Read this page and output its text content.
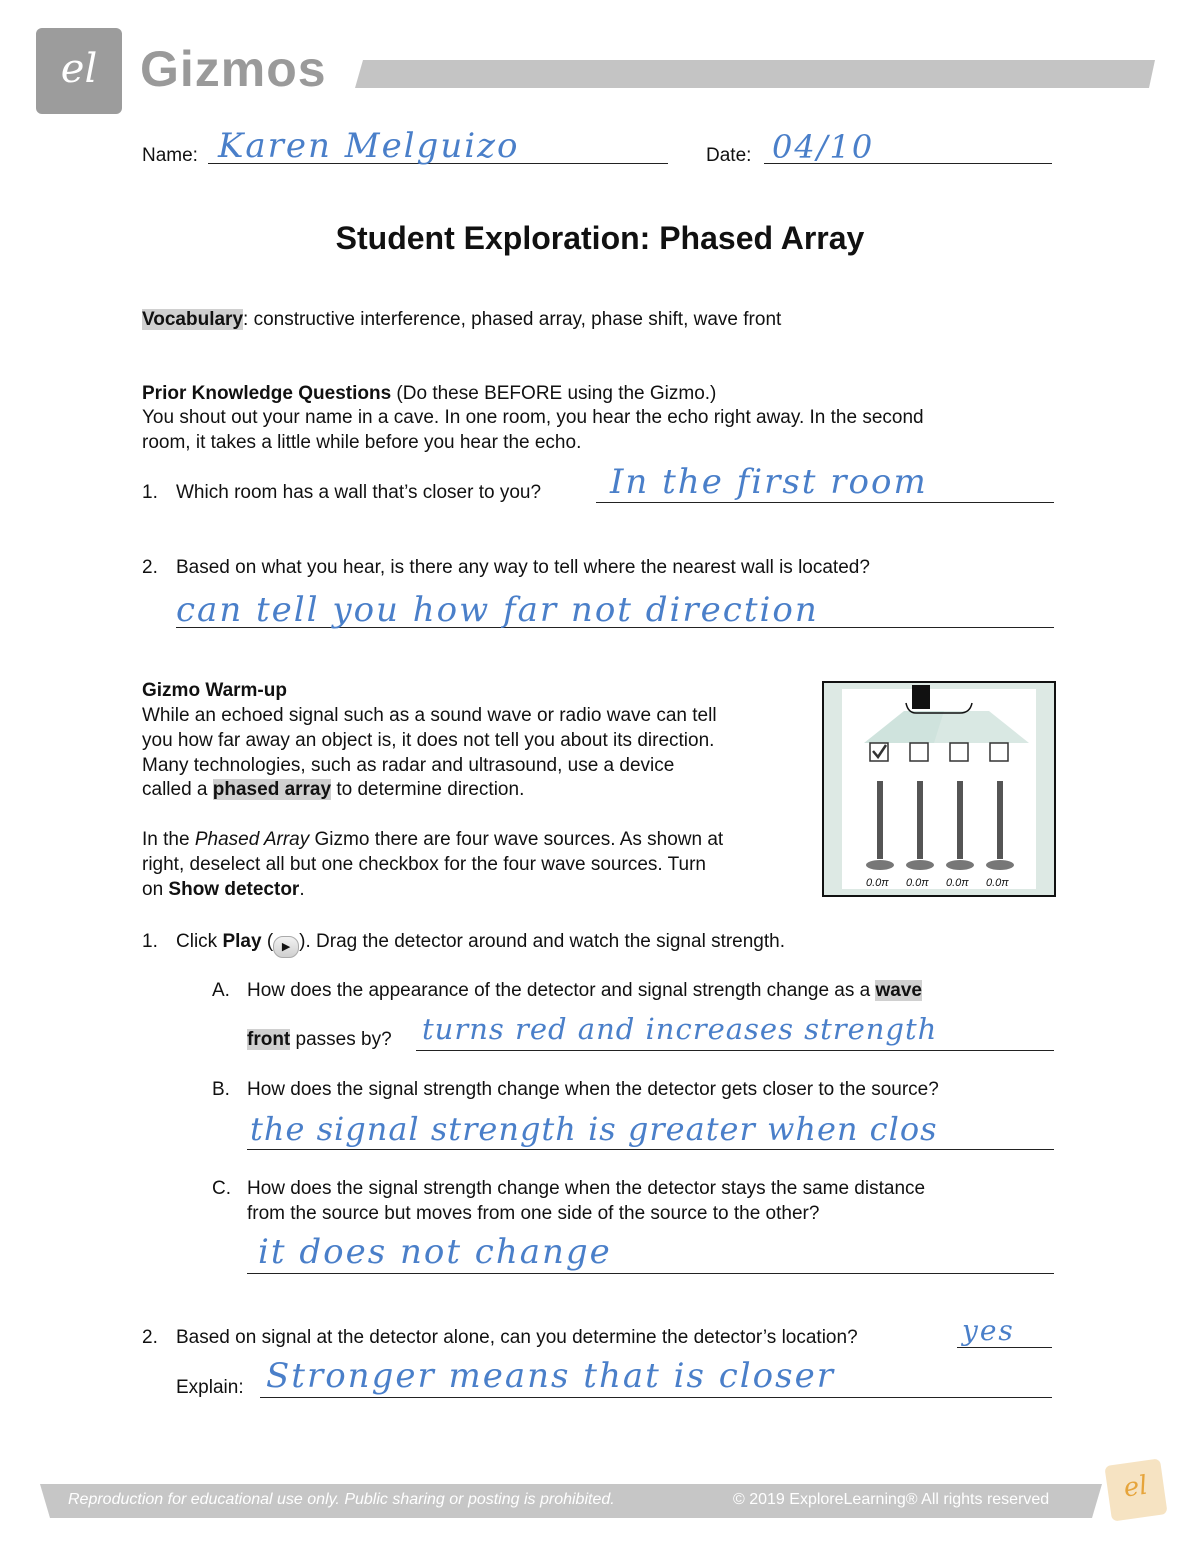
el Gizmos
Name: Karen Melguizo	Date: 04/10
Student Exploration: Phased Array
Vocabulary: constructive interference, phased array, phase shift, wave front
Prior Knowledge Questions (Do these BEFORE using the Gizmo.)
You shout out your name in a cave. In one room, you hear the echo right away. In the second
room, it takes a little while before you hear the echo.
1. Which room has a wall that’s closer to you? In the first room
2. Based on what you hear, is there any way to tell where the nearest wall is located?
can tell you how far not direction
Gizmo Warm-up
While an echoed signal such as a sound wave or radio wave can tell
you how far away an object is, it does not tell you about its direction.
Many technologies, such as radar and ultrasound, use a device
called a phased array to determine direction.
In the Phased Array Gizmo there are four wave sources. As shown at
right, deselect all but one checkbox for the four wave sources. Turn
on Show detector.	0.0π 0.0π 0.0π 0.0π
1. Click Play ( ▶ ). Drag the detector around and watch the signal strength.
A. How does the appearance of the detector and signal strength change as a wave
front passes by? turns red and increases strength
B. How does the signal strength change when the detector gets closer to the source?
the signal strength is greater when clos
C. How does the signal strength change when the detector stays the same distance
from the source but moves from one side of the source to the other?
it does not change
2. Based on signal at the detector alone, can you determine the detector’s location?	yes
Explain: Stronger means that is closer
Reproduction for educational use only. Public sharing or posting is prohibited.	© 2019 ExploreLearning® All rights reserved	el
